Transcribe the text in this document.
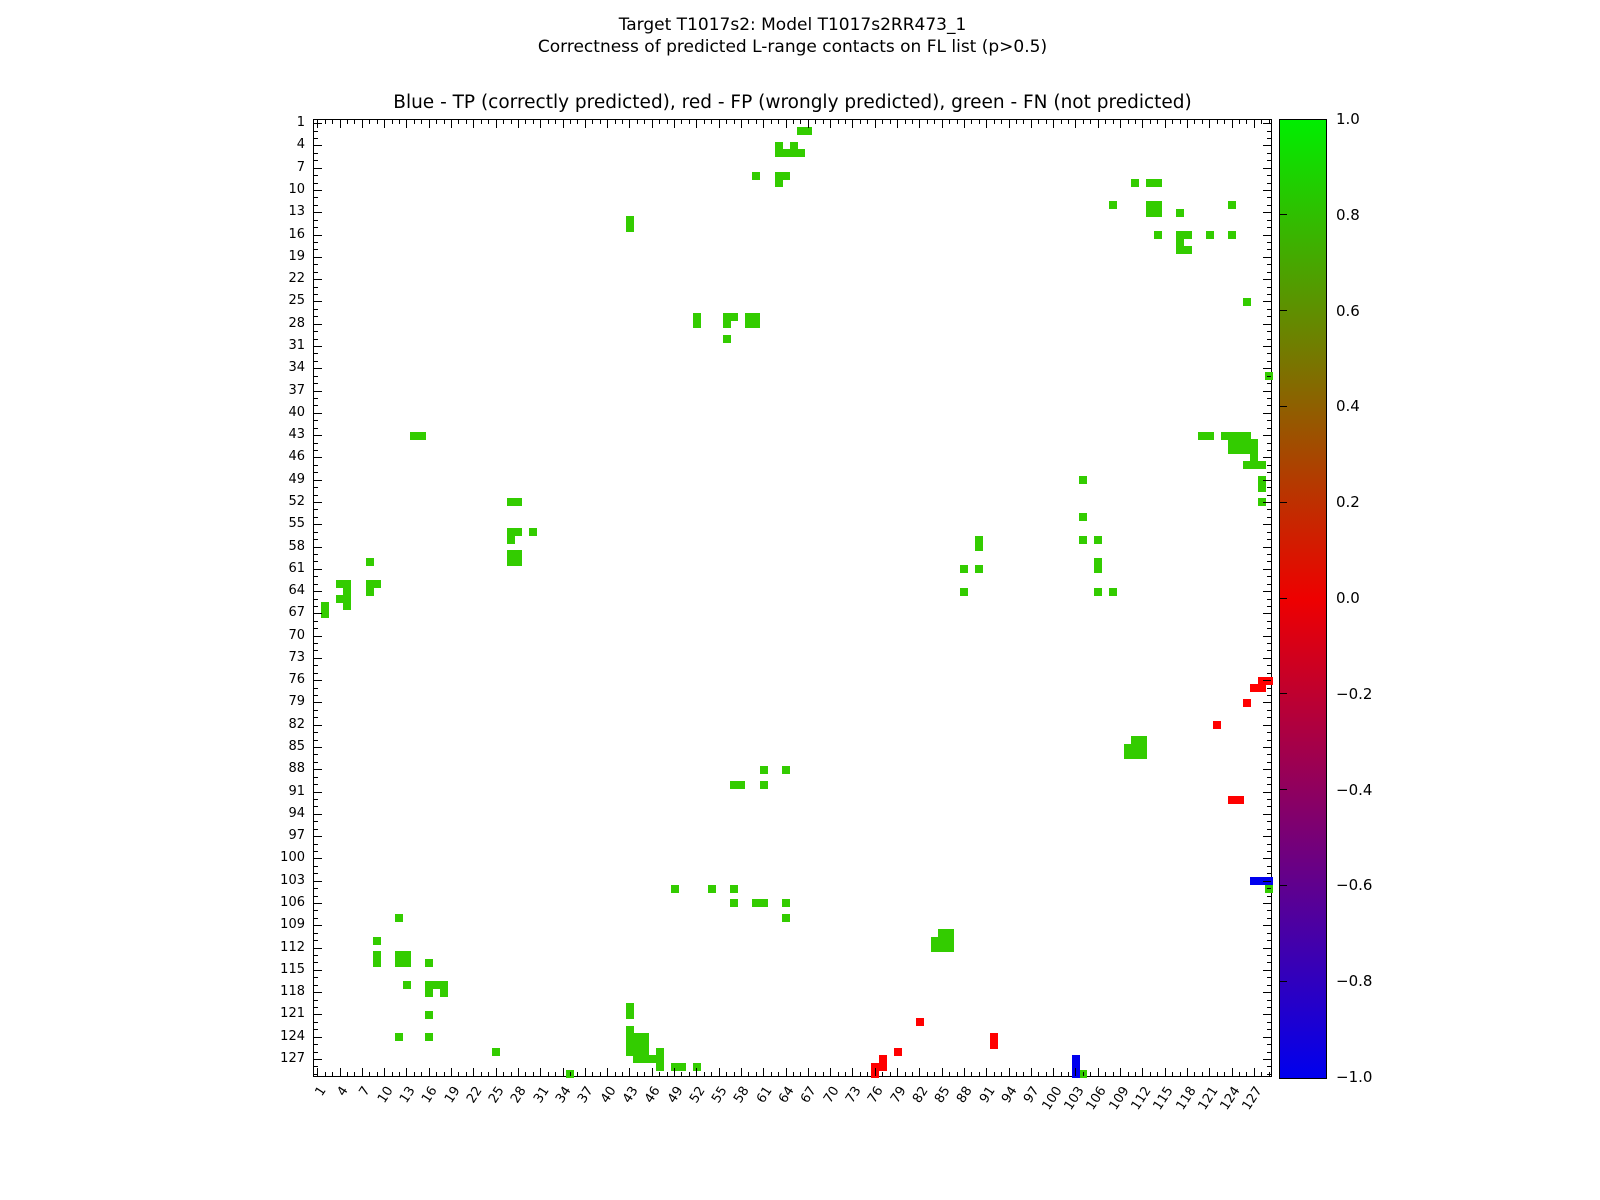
Target T1017s2: Model T1017s2RR473_1
Correctness of predicted L-range contacts on FL list (p>0.5)
Blue - TP (correctly predicted), red - FP (wrongly predicted), green - FN (not predicted)
1.0
0.8
0.6
0.4
0.2
0.0
−0.2
−0.4
−0.6
−0.8
−1.0
1 4 7 10 13 16 19 22 25 28 31 34 37 40 43 46 49 52 55 58 61 64 67 70 73 76 79 82 85 88 91 94 97
100
103
106
109
112
115
118
121
124
127
1
4
7
10
13
16
19
22
25
28
31
34
37
40
43
46
49
52
55
58
61
64
67
70
73
76
79
82
85
88
91
94
97
100
103
106
109
112
115
118
121
124
127
